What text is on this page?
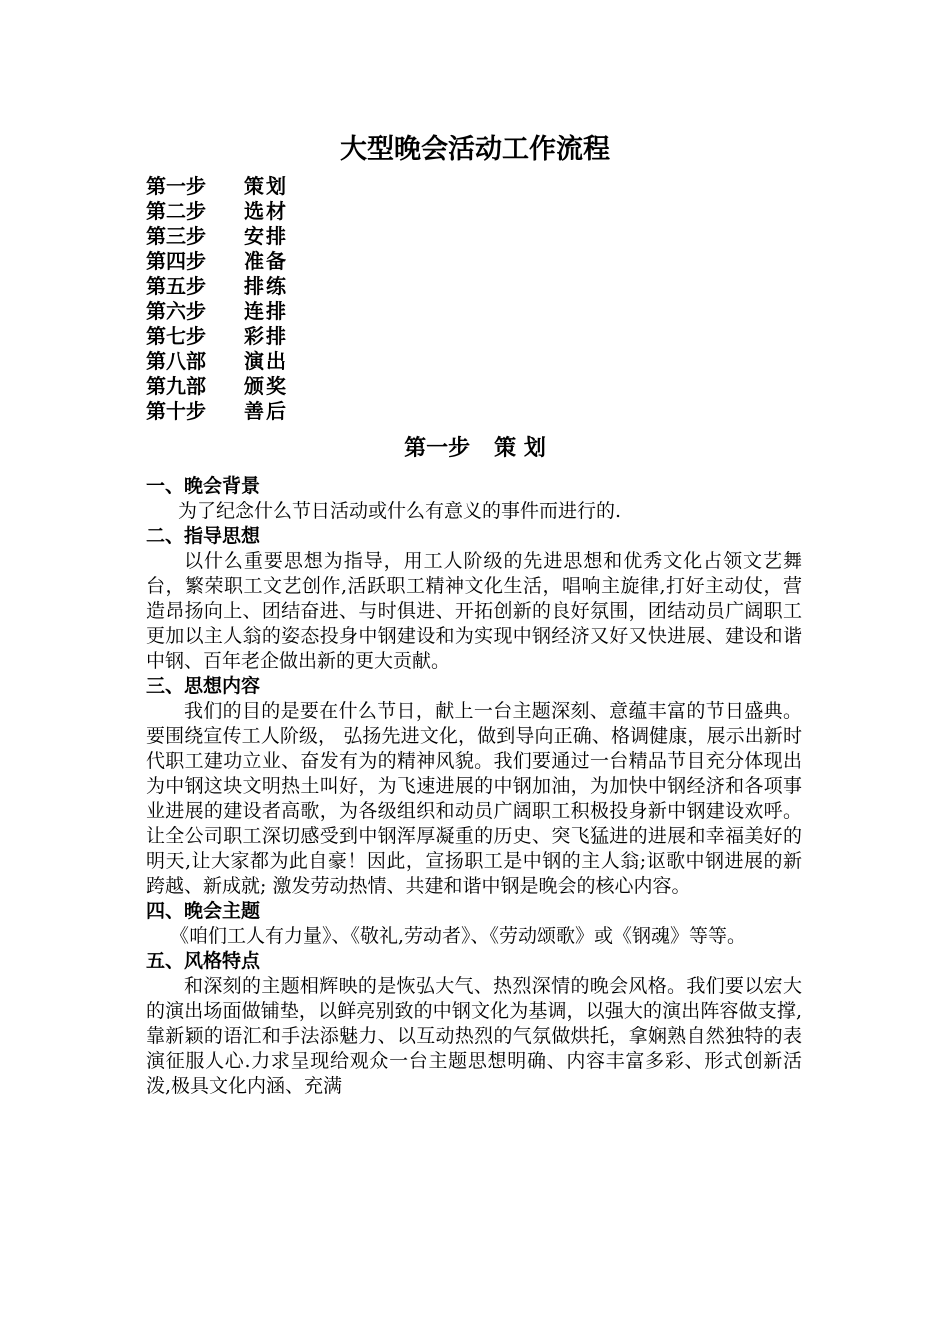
大型晚会活动工作流程
第一步 策划
第二步 选材
第三步 安排
第四步 准备
第五步 排练
第六步 连排
第七步 彩排
第八部 演出
第九部 颁奖
第十步 善后
第一步 策 划
一、晚会背景

为了纪念什么节日活动或什么有意义的事件而进行的.

二、指导思想

以什么重要思想为指导，用工人阶级的先进思想和优秀文化占领文艺舞台，繁荣职工文艺创作,活跃职工精神文化生活，唱响主旋律,打好主动仗，营造昂扬向上、团结奋进、与时俱进、开拓创新的良好氛围，团结动员广阔职工更加以主人翁的姿态投身中钢建设和为实现中钢经济又好又快进展、建设和谐中钢、百年老企做出新的更大贡献。

三、思想内容

我们的目的是要在什么节日，献上一台主题深刻、意蕴丰富的节日盛典。要围绕宣传工人阶级， 弘扬先进文化，做到导向正确、格调健康，展示出新时代职工建功立业、奋发有为的精神风貌。我们要通过一台精品节目充分体现出为中钢这块文明热土叫好，为飞速进展的中钢加油，为加快中钢经济和各项事业进展的建设者高歌，为各级组织和动员广阔职工积极投身新中钢建设欢呼。让全公司职工深切感受到中钢浑厚凝重的历史、突飞猛进的进展和幸福美好的明天,让大家都为此自豪！因此，宣扬职工是中钢的主人翁;讴歌中钢进展的新跨越、新成就; 激发劳动热情、共建和谐中钢是晚会的核心内容。

四、晚会主题

《咱们工人有力量》、《敬礼,劳动者》、《劳动颂歌》或《钢魂》等等。

五、风格特点

和深刻的主题相辉映的是恢弘大气、热烈深情的晚会风格。我们要以宏大的演出场面做铺垫，以鲜亮别致的中钢文化为基调，以强大的演出阵容做支撑,靠新颖的语汇和手法添魅力、以互动热烈的气氛做烘托，拿娴熟自然独特的表演征服人心.力求呈现给观众一台主题思想明确、内容丰富多彩、形式创新活泼,极具文化内涵、充满
